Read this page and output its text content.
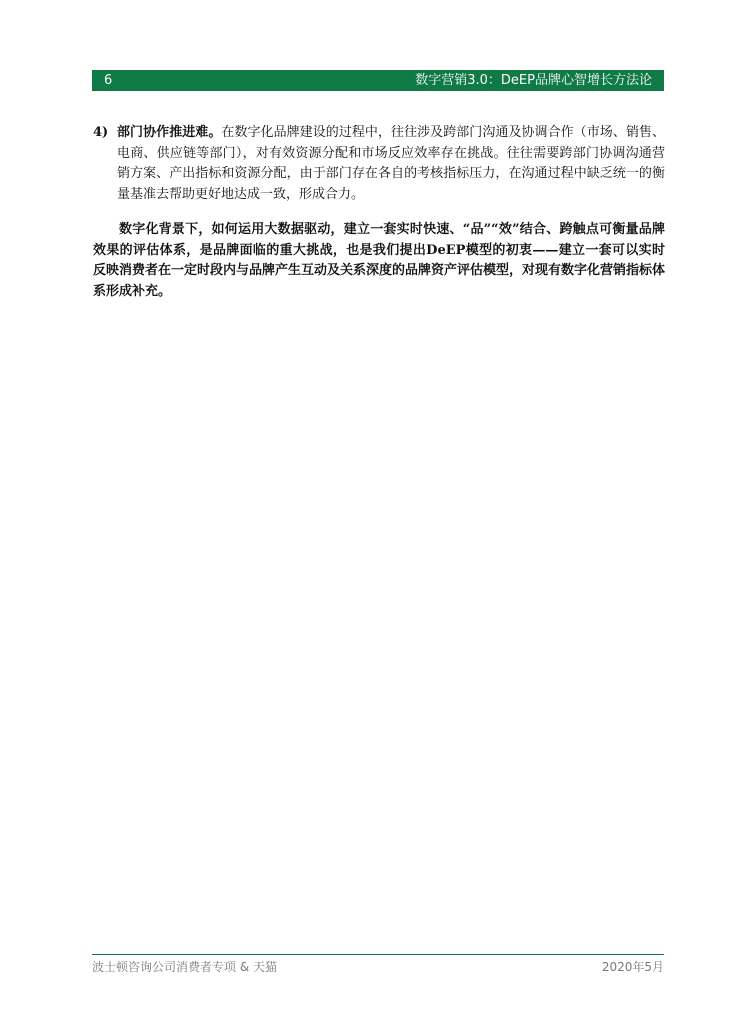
6	数字营销3.0：DeEP品牌心智增长方法论
4) 部门协作推进难。在数字化品牌建设的过程中，往往涉及跨部门沟通及协调合作（市场、销售、电商、供应链等部门），对有效资源分配和市场反应效率存在挑战。往往需要跨部门协调沟通营销方案、产出指标和资源分配，由于部门存在各自的考核指标压力，在沟通过程中缺乏统一的衡量基准去帮助更好地达成一致，形成合力。

数字化背景下，如何运用大数据驱动，建立一套实时快速、“品”“效”结合、跨触点可衡量品牌效果的评估体系，是品牌面临的重大挑战，也是我们提出DeEP模型的初衷——建立一套可以实时反映消费者在一定时段内与品牌产生互动及关系深度的品牌资产评估模型，对现有数字化营销指标体系形成补充。

波士顿咨询公司消费者专项 & 天猫	2020年5月
